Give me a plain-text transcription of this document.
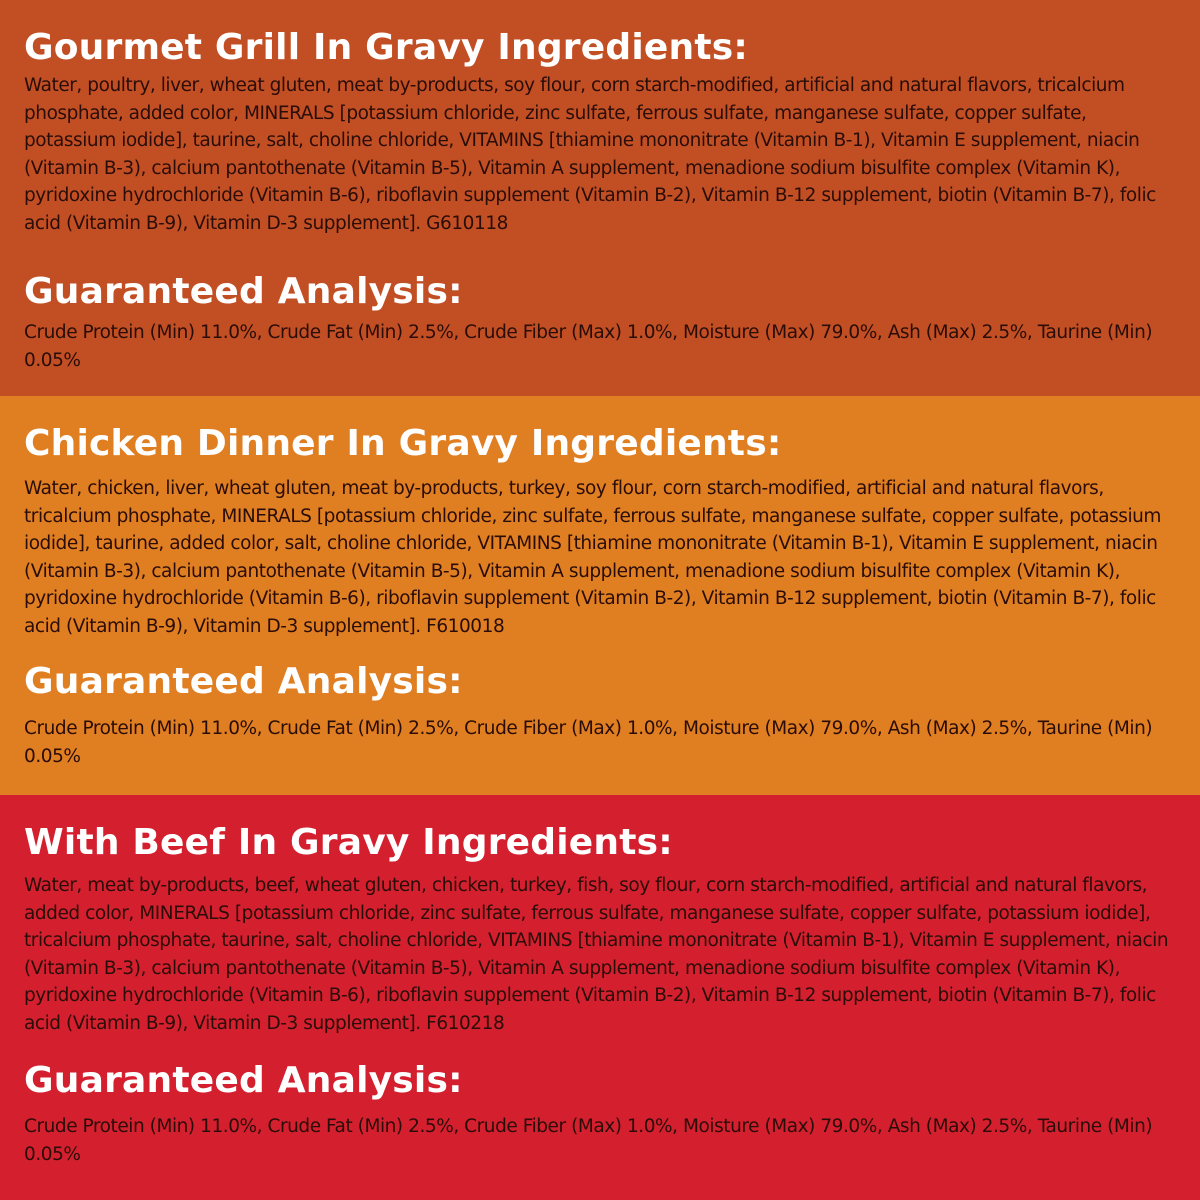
Gourmet Grill In Gravy Ingredients:
Water, poultry, liver, wheat gluten, meat by-products, soy flour, corn starch-modified, artificial and natural flavors, tricalcium phosphate, added color, MINERALS [potassium chloride, zinc sulfate, ferrous sulfate, manganese sulfate, copper sulfate, potassium iodide], taurine, salt, choline chloride, VITAMINS [thiamine mononitrate (Vitamin B-1), Vitamin E supplement, niacin (Vitamin B-3), calcium pantothenate (Vitamin B-5), Vitamin A supplement, menadione sodium bisulfite complex (Vitamin K), pyridoxine hydrochloride (Vitamin B-6), riboflavin supplement (Vitamin B-2), Vitamin B-12 supplement, biotin (Vitamin B-7), folic acid (Vitamin B-9), Vitamin D-3 supplement]. G610118
Guaranteed Analysis:
Crude Protein (Min) 11.0%, Crude Fat (Min) 2.5%, Crude Fiber (Max) 1.0%, Moisture (Max) 79.0%, Ash (Max) 2.5%, Taurine (Min) 0.05%
Chicken Dinner In Gravy Ingredients:
Water, chicken, liver, wheat gluten, meat by-products, turkey, soy flour, corn starch-modified, artificial and natural flavors, tricalcium phosphate, MINERALS [potassium chloride, zinc sulfate, ferrous sulfate, manganese sulfate, copper sulfate, potassium iodide], taurine, added color, salt, choline chloride, VITAMINS [thiamine mononitrate (Vitamin B-1), Vitamin E supplement, niacin (Vitamin B-3), calcium pantothenate (Vitamin B-5), Vitamin A supplement, menadione sodium bisulfite complex (Vitamin K), pyridoxine hydrochloride (Vitamin B-6), riboflavin supplement (Vitamin B-2), Vitamin B-12 supplement, biotin (Vitamin B-7), folic acid (Vitamin B-9), Vitamin D-3 supplement]. F610018
Guaranteed Analysis:
Crude Protein (Min) 11.0%, Crude Fat (Min) 2.5%, Crude Fiber (Max) 1.0%, Moisture (Max) 79.0%, Ash (Max) 2.5%, Taurine (Min) 0.05%
With Beef In Gravy Ingredients:
Water, meat by-products, beef, wheat gluten, chicken, turkey, fish, soy flour, corn starch-modified, artificial and natural flavors, added color, MINERALS [potassium chloride, zinc sulfate, ferrous sulfate, manganese sulfate, copper sulfate, potassium iodide], tricalcium phosphate, taurine, salt, choline chloride, VITAMINS [thiamine mononitrate (Vitamin B-1), Vitamin E supplement, niacin (Vitamin B-3), calcium pantothenate (Vitamin B-5), Vitamin A supplement, menadione sodium bisulfite complex (Vitamin K), pyridoxine hydrochloride (Vitamin B-6), riboflavin supplement (Vitamin B-2), Vitamin B-12 supplement, biotin (Vitamin B-7), folic acid (Vitamin B-9), Vitamin D-3 supplement]. F610218
Guaranteed Analysis:
Crude Protein (Min) 11.0%, Crude Fat (Min) 2.5%, Crude Fiber (Max) 1.0%, Moisture (Max) 79.0%, Ash (Max) 2.5%, Taurine (Min) 0.05%
